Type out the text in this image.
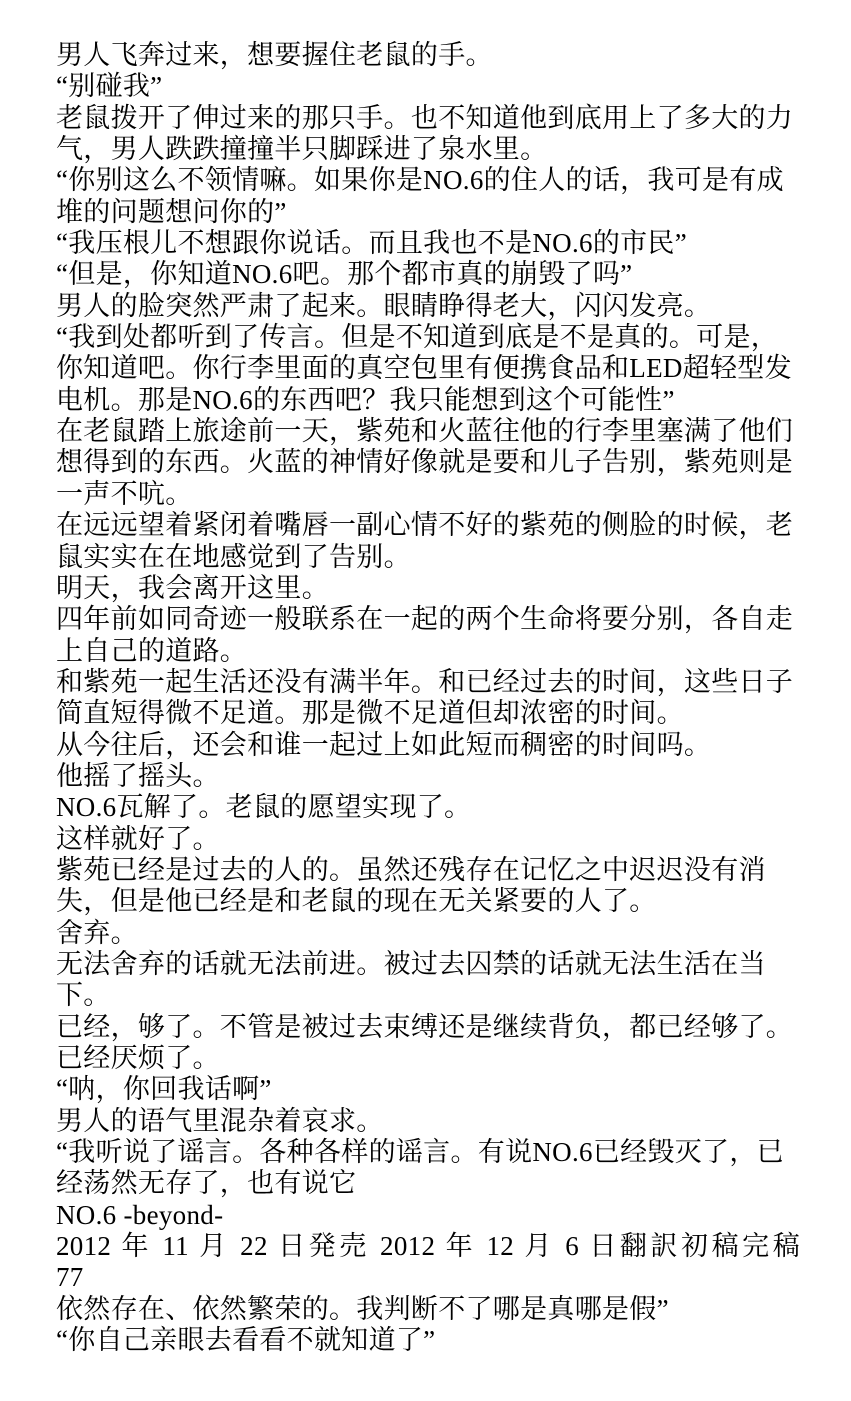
男人飞奔过来，想要握住老鼠的手。
“别碰我”
老鼠拨开了伸过来的那只手。也不知道他到底用上了多大的力
气，男人跌跌撞撞半只脚踩进了泉水里。
“你别这么不领情嘛。如果你是NO.6的住人的话，我可是有成
堆的问题想问你的”
“我压根儿不想跟你说话。而且我也不是NO.6的市民”
“但是，你知道NO.6吧。那个都市真的崩毁了吗”
男人的脸突然严肃了起来。眼睛睁得老大，闪闪发亮。
“我到处都听到了传言。但是不知道到底是不是真的。可是，
你知道吧。你行李里面的真空包里有便携食品和LED超轻型发
电机。那是NO.6的东西吧？我只能想到这个可能性”
在老鼠踏上旅途前一天，紫苑和火蓝往他的行李里塞满了他们
想得到的东西。火蓝的神情好像就是要和儿子告别，紫苑则是
一声不吭。
在远远望着紧闭着嘴唇一副心情不好的紫苑的侧脸的时候，老
鼠实实在在地感觉到了告别。
明天，我会离开这里。
四年前如同奇迹一般联系在一起的两个生命将要分别，各自走
上自己的道路。
和紫苑一起生活还没有满半年。和已经过去的时间，这些日子
简直短得微不足道。那是微不足道但却浓密的时间。
从今往后，还会和谁一起过上如此短而稠密的时间吗。
他摇了摇头。
NO.6瓦解了。老鼠的愿望实现了。
这样就好了。
紫苑已经是过去的人的。虽然还残存在记忆之中迟迟没有消
失，但是他已经是和老鼠的现在无关紧要的人了。
舍弃。
无法舍弃的话就无法前进。被过去囚禁的话就无法生活在当
下。
已经，够了。不管是被过去束缚还是继续背负，都已经够了。
已经厌烦了。
“呐，你回我话啊”
男人的语气里混杂着哀求。
“我听说了谣言。各种各样的谣言。有说NO.6已经毁灭了，已
经荡然无存了，也有说它
NO.6 -beyond-
2012 年 11 月 22 日発売 2012 年 12 月 6 日翻訳初稿完稿
77
依然存在、依然繁荣的。我判断不了哪是真哪是假”
“你自己亲眼去看看不就知道了”
